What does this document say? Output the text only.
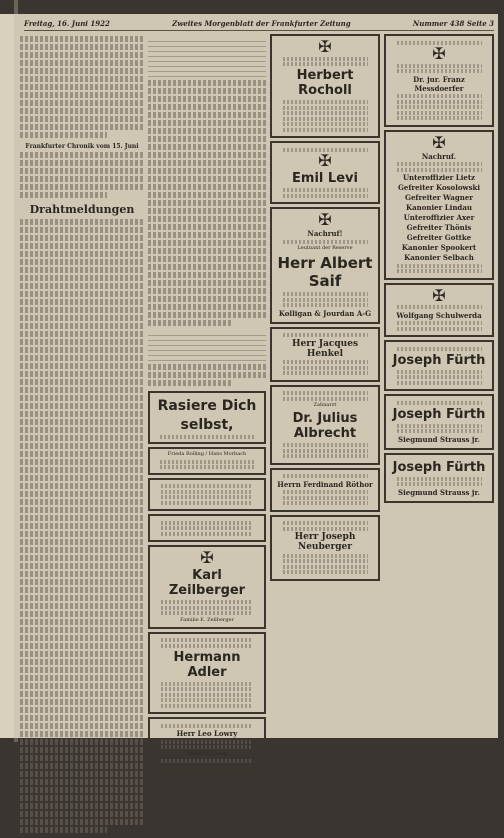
Freitag, 16. Juni 1922	Zweites Morgenblatt der Frankfurter Zeitung	Nummer 438 Seite 3
Frankfurter Chronik vom 15. Juni
Drahtmeldungen
Rasiere Dich selbst,
Frieda Rolling / Hans Morbach
✠
Karl Zeilberger
Familie E. Zeilberger
Hermann Adler
Herr Leo Lowry
Violet O. Lowry
✠
Herbert Rocholl
✠
Emil Levi
✠
Nachruf!
Leutnant der Reserve
Herr Albert Saif
Kolligan & Jourdan A-G
Herr Jacques Henkel
Zahnarzt
Dr. Julius Albrecht
Herrn Ferdinand Röthor
Herr Joseph Neuberger
✠
Dr. jur. Franz Messdoerfer
✠
Nachruf.
Unteroffizier Lietz
Gefreiter Kosolowski
Gefreiter Wagner
Kanonier Lindau
Unteroffizier Axer
Gefreiter Thönis
Gefreiter Gottke
Kanonier Spookert
Kanonier Selbach
✠
Wolfgang Schulwerda
Joseph Fürth
Joseph Fürth
Siegmund Strauss jr.
Joseph Fürth
Siegmund Strauss jr.
